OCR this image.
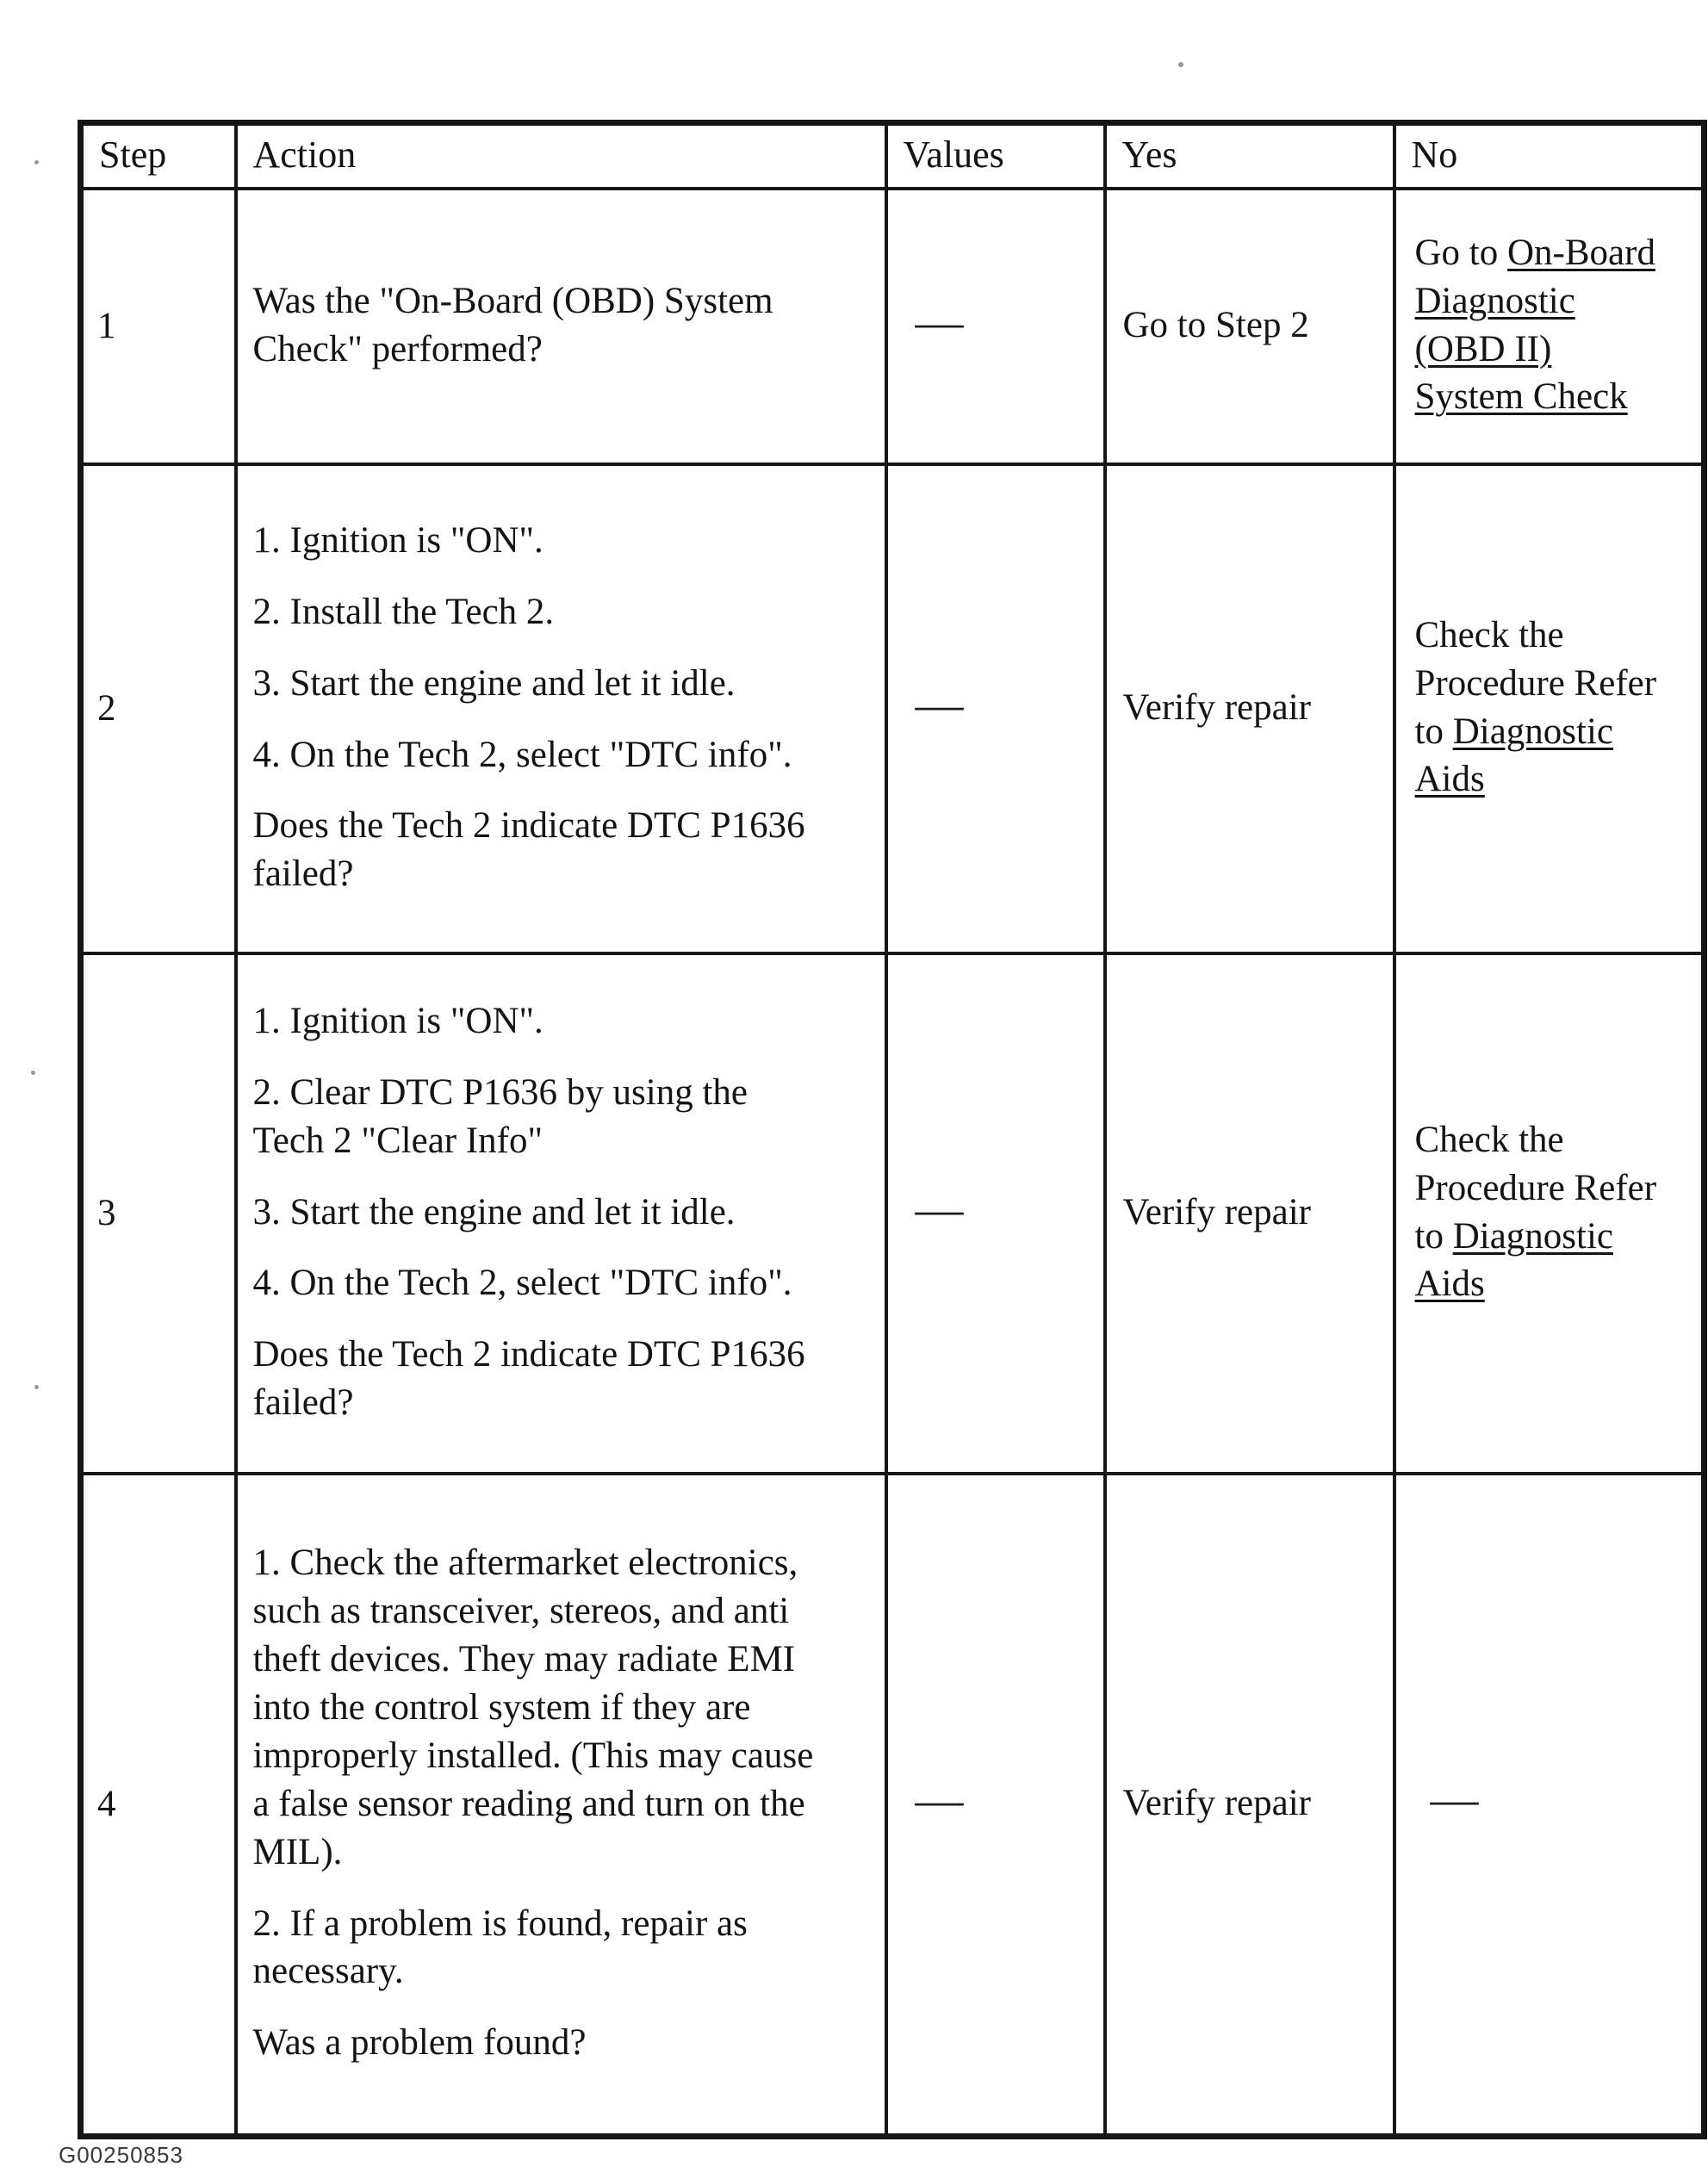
Step	Action	Values	Yes	No
1	Was the "On-Board (OBD) System Check" performed?	—	Go to Step 2	Go to On-Board Diagnostic (OBD II) System Check
2	1. Ignition is "ON".

2. Install the Tech 2.

3. Start the engine and let it idle.

4. On the Tech 2, select "DTC info".

Does the Tech 2 indicate DTC P1636 failed?	—	Verify repair	Check the Procedure Refer to Diagnostic Aids
3	1. Ignition is "ON".

2. Clear DTC P1636 by using the Tech 2 "Clear Info"

3. Start the engine and let it idle.

4. On the Tech 2, select "DTC info".

Does the Tech 2 indicate DTC P1636 failed?	—	Verify repair	Check the Procedure Refer to Diagnostic Aids
4	1. Check the aftermarket electronics, such as transceiver, stereos, and anti theft devices. They may radiate EMI into the control system if they are improperly installed. (This may cause a false sensor reading and turn on the MIL).

2. If a problem is found, repair as necessary.

Was a problem found?	—	Verify repair	—
G00250853
